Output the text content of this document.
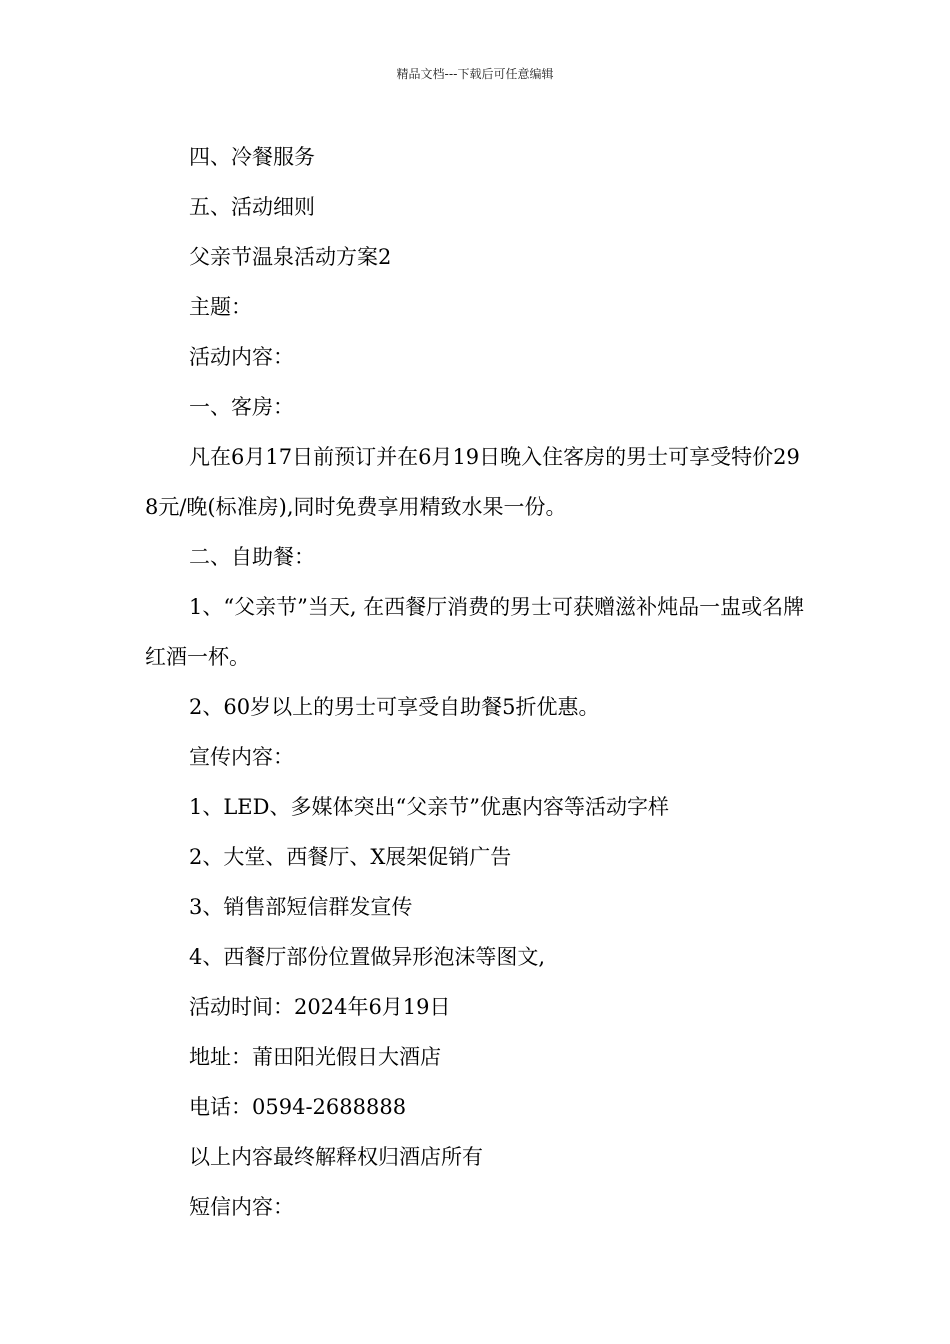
精品文档---下载后可任意编辑

四、冷餐服务

五、活动细则

父亲节温泉活动方案2

主题：

活动内容：

一、客房：

凡在6月17日前预订并在6月19日晚入住客房的男士可享受特价298元/晚(标准房),同时免费享用精致水果一份。

二、自助餐：

1、“父亲节”当天, 在西餐厅消费的男士可获赠滋补炖品一盅或名牌红酒一杯。

2、60岁以上的男士可享受自助餐5折优惠。

宣传内容：

1、LED、多媒体突出“父亲节”优惠内容等活动字样

2、大堂、西餐厅、X展架促销广告

3、销售部短信群发宣传

4、西餐厅部份位置做异形泡沫等图文,

活动时间：2024年6月19日

地址：莆田阳光假日大酒店

电话：0594-2688888

以上内容最终解释权归酒店所有

短信内容：
